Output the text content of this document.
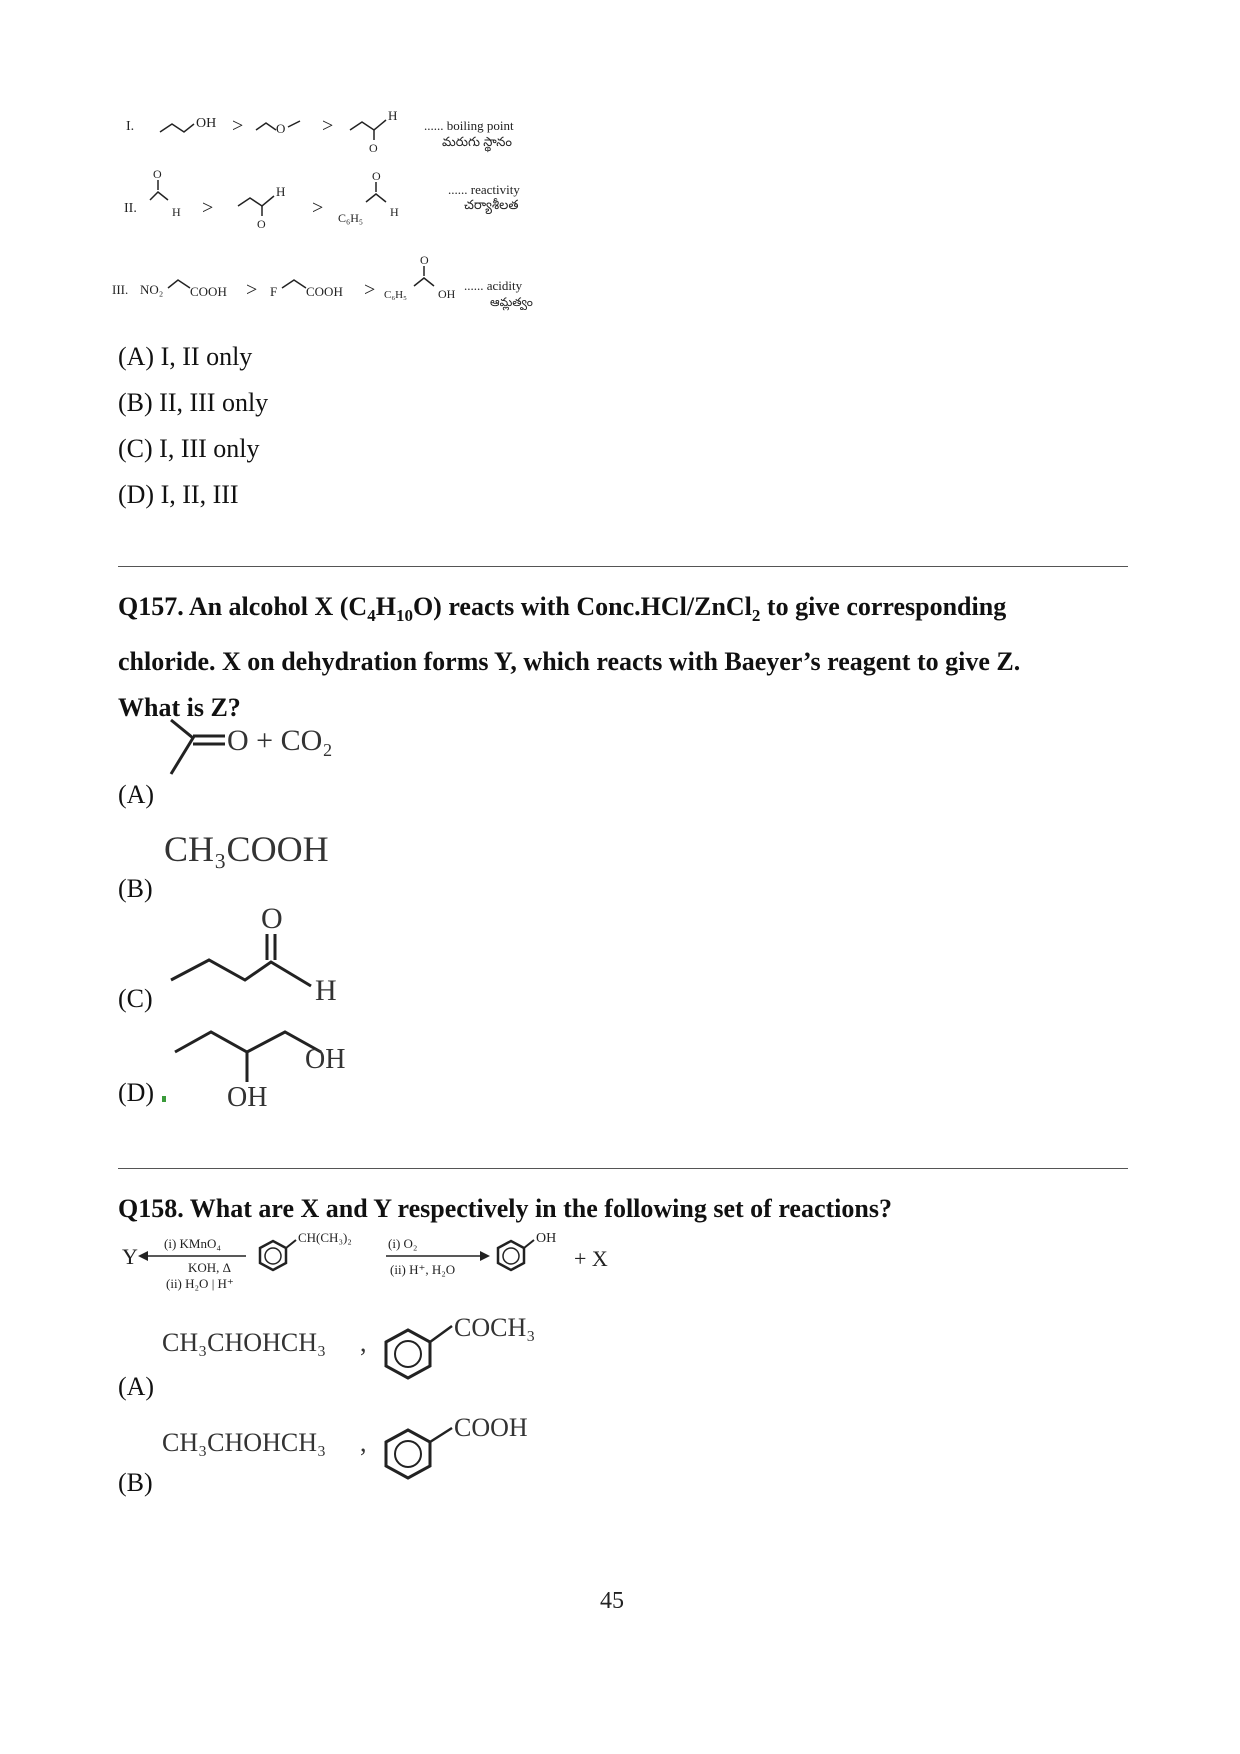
I.	OH >	O >	H
O
...... boiling point
మరుగు స్థానం
II.
O
H >
H
O
>
O
C₆H₅ H
...... reactivity
చర్యాశీలత
III. NO₂ COOH > F COOH >
O
C₆H₅	OH
...... acidity
ఆమ్లత్వం
(A) I, II only
(B) II, III only
(C) I, III only
(D) I, II, III
Q157. An alcohol X $(C_4H_{10}O)$ reacts with Conc.HCl/ZnCl$_2$ to give corresponding
chloride. X on dehydration forms Y, which reacts with Baeyer’s reagent to give Z.
What is Z?
O + CO₂
(A)
CH₃COOH
(B)
O
H
(C)
OH
OH
(D)
Q158. What are X and Y respectively in the following set of reactions?
Y
(i) KMnO₄
KOH, Δ
(ii) H₂O | H⁺
CH(CH₃)₂	(i) O₂
(ii) H⁺, H₂O
OH
+ X
CH₃CHOHCH₃ ,
COCH₃
(A)
CH₃CHOHCH₃ ,
COOH
(B)
45
